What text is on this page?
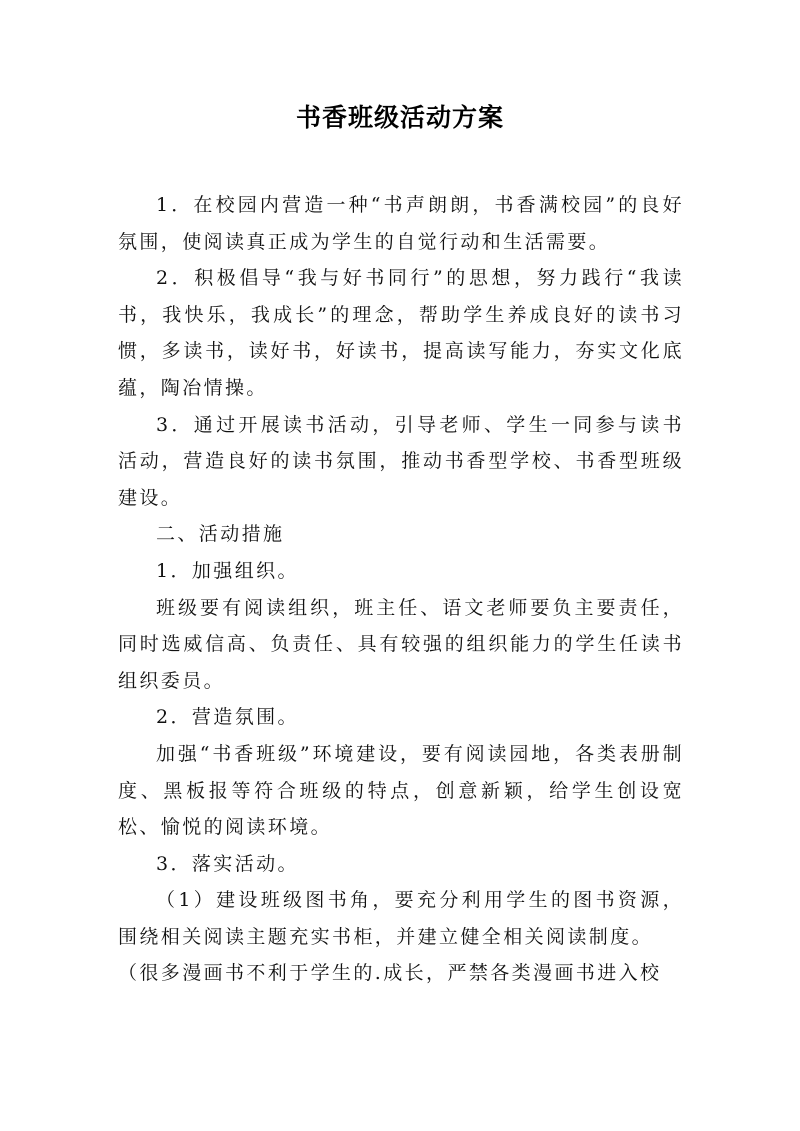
书香班级活动方案

1．在校园内营造一种“书声朗朗，书香满校园”的良好氛围，使阅读真正成为学生的自觉行动和生活需要。

2．积极倡导“我与好书同行”的思想，努力践行“我读书，我快乐，我成长”的理念，帮助学生养成良好的读书习惯，多读书，读好书，好读书，提高读写能力，夯实文化底蕴，陶冶情操。

3．通过开展读书活动，引导老师、学生一同参与读书活动，营造良好的读书氛围，推动书香型学校、书香型班级建设。

二、活动措施

1．加强组织。

班级要有阅读组织，班主任、语文老师要负主要责任，同时选威信高、负责任、具有较强的组织能力的学生任读书组织委员。

2．营造氛围。

加强“书香班级”环境建设，要有阅读园地，各类表册制度、黑板报等符合班级的特点，创意新颖，给学生创设宽松、愉悦的阅读环境。

3．落实活动。

（1）建设班级图书角，要充分利用学生的图书资源，围绕相关阅读主题充实书柜，并建立健全相关阅读制度。

（很多漫画书不利于学生的.成长，严禁各类漫画书进入校
